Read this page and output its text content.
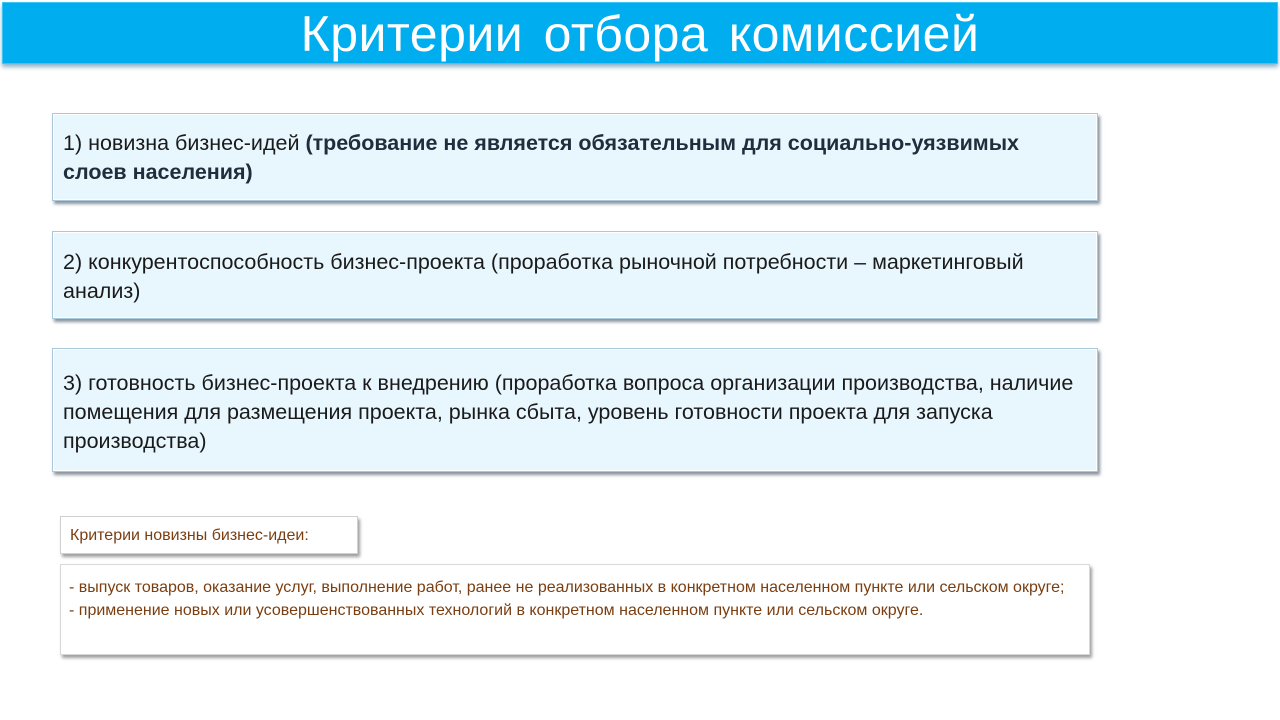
Критерии отбора комиссией
1) новизна бизнес-идей (требование не является обязательным для социально-уязвимых слоев населения)
2) конкурентоспособность бизнес-проекта (проработка рыночной потребности – маркетинговый анализ)
3) готовность бизнес-проекта к внедрению (проработка вопроса организации производства, наличие помещения для размещения проекта, рынка сбыта, уровень готовности проекта для запуска производства)
Критерии новизны бизнес-идеи:
- выпуск товаров, оказание услуг, выполнение работ, ранее не реализованных в конкретном населенном пункте или сельском округе;
- применение новых или усовершенствованных технологий в конкретном населенном пункте или сельском округе.
